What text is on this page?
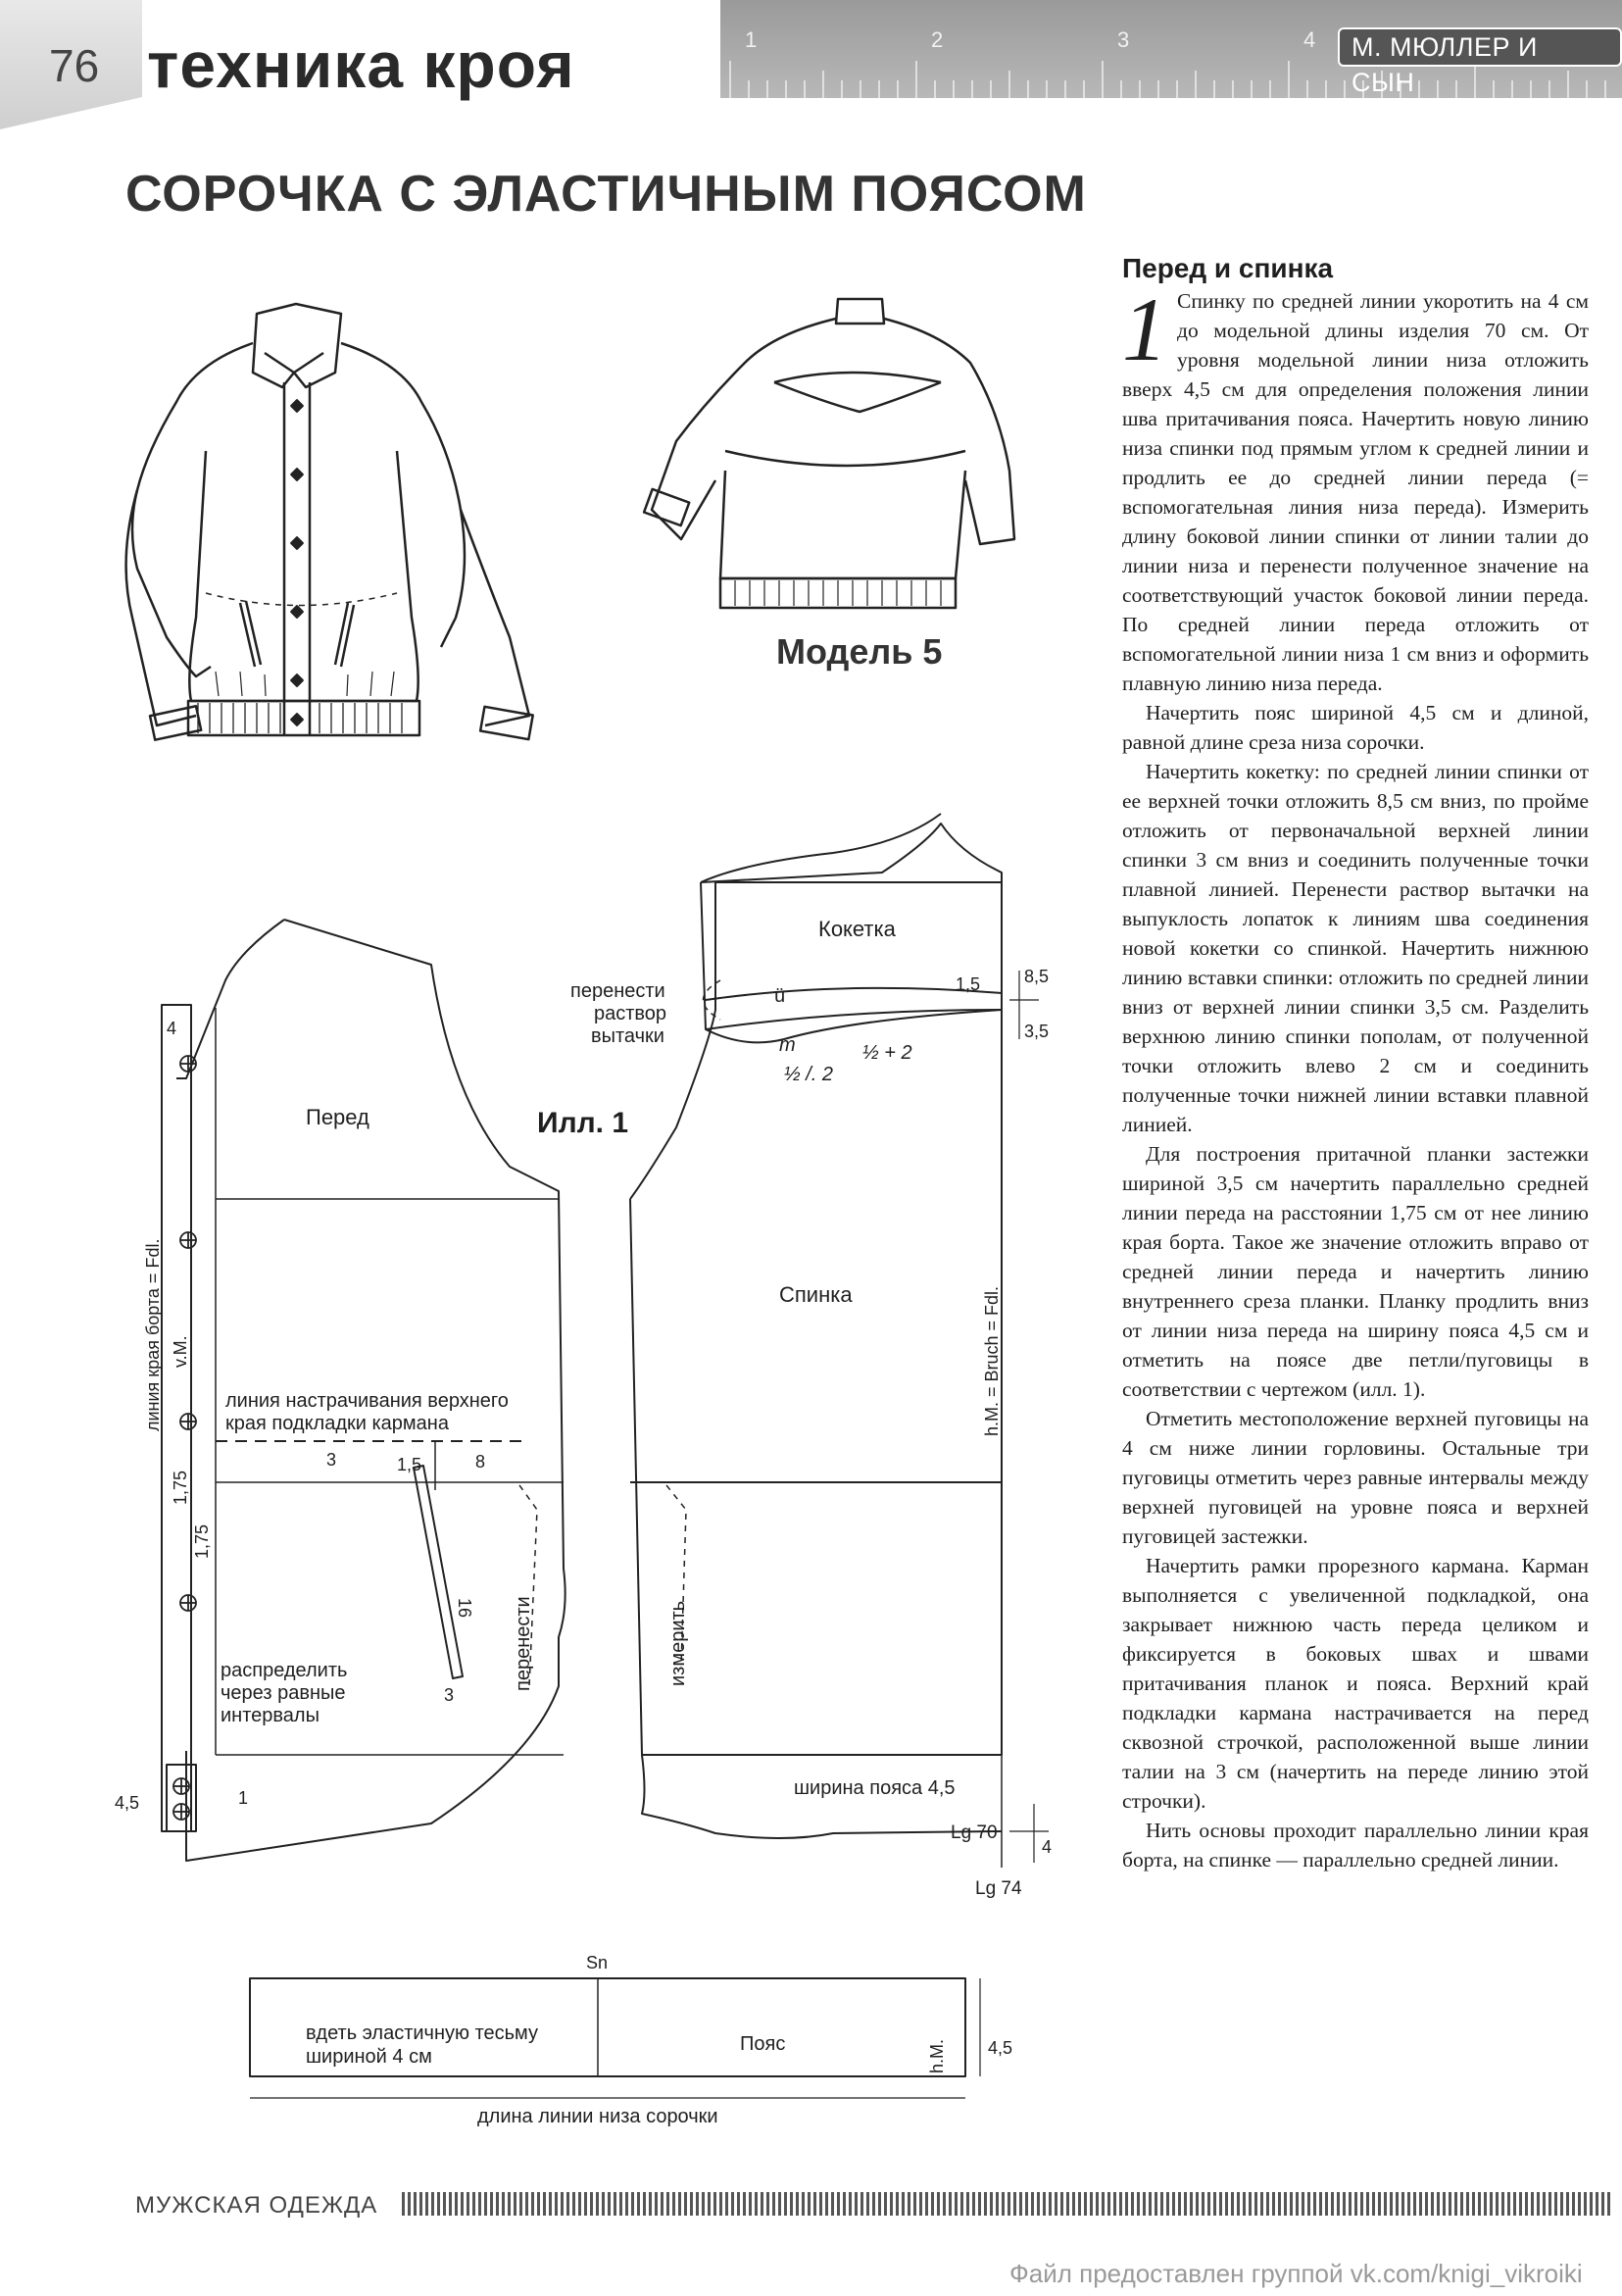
76 техника кроя	1	2	3	4	М. МЮЛЛЕР И СЫН
СОРОЧКА С ЭЛАСТИЧНЫМ ПОЯСОМ
Модель 5
Илл. 1
Перед
Спинка
Кокетка
перенести
раствор
вытачки
ü
m
½ /. 2
½ + 2
1,5 8,5
3,5
4
линия края борта = Fdl. v.M.	h.M. = Bruch = Fdl.
линия настрачивания верхнего
края подкладки кармана
3	1,5	8
1,75
1,75
16
3
перенести	измерить
распределить
через равные
интервалы
4,5	1	ширина пояса 4,5
Lg 70
Lg 74
4
Sn
вдеть эластичную тесьму
шириной 4 см
Пояс	h.M. 4,5
длина линии низа сорочки
Перед и спинка
1 Спинку по средней линии укоротить на 4 см до модельной длины изделия 70 см. От уровня модельной линии низа отложить вверх 4,5 см для определения положения линии шва притачивания пояса. Начертить новую линию низа спинки под прямым углом к средней линии и продлить ее до средней линии переда (= вспомогательная линия низа переда). Измерить длину боковой линии спинки от линии талии до линии низа и перенести полученное значение на соответствующий участок боковой линии переда. По средней линии переда отложить от вспомогательной линии низа 1 см вниз и оформить плавную линию низа переда.

Начертить пояс шириной 4,5 см и длиной, равной длине среза низа сорочки.

Начертить кокетку: по средней линии спинки от ее верхней точки отложить 8,5 см вниз, по пройме отложить от первоначальной верхней линии спинки 3 см вниз и соединить полученные точки плавной линией. Перенести раствор вытачки на выпуклость лопаток к линиям шва соединения новой кокетки со спинкой. Начертить нижнюю линию вставки спинки: отложить по средней линии вниз от верхней линии спинки 3,5 см. Разделить верхнюю линию спинки пополам, от полученной точки отложить влево 2 см и соединить полученные точки нижней линии вставки плавной линией.

Для построения притачной планки застежки шириной 3,5 см начертить параллельно средней линии переда на расстоянии 1,75 см от нее линию края борта. Такое же значение отложить вправо от средней линии переда и начертить линию внутреннего среза планки. Планку продлить вниз от линии низа переда на ширину пояса 4,5 см и отметить на поясе две петли/пуговицы в соответствии с чертежом (илл. 1).

Отметить местоположение верхней пуговицы на 4 см ниже линии горловины. Остальные три пуговицы отметить через равные интервалы между верхней пуговицей на уровне пояса и верхней пуговицей застежки.

Начертить рамки прорезного кармана. Карман выполняется с увеличенной подкладкой, она закрывает нижнюю часть переда целиком и фиксируется в боковых швах и швами притачивания планок и пояса. Верхний край подкладки кармана настрачивается на перед сквозной строчкой, расположенной выше линии талии на 3 см (начертить на переде линию этой строчки).

Нить основы проходит параллельно линии края борта, на спинке — параллельно средней линии.

МУЖСКАЯ ОДЕЖДА
Файл предоставлен группой vk.com/knigi_vikroiki
